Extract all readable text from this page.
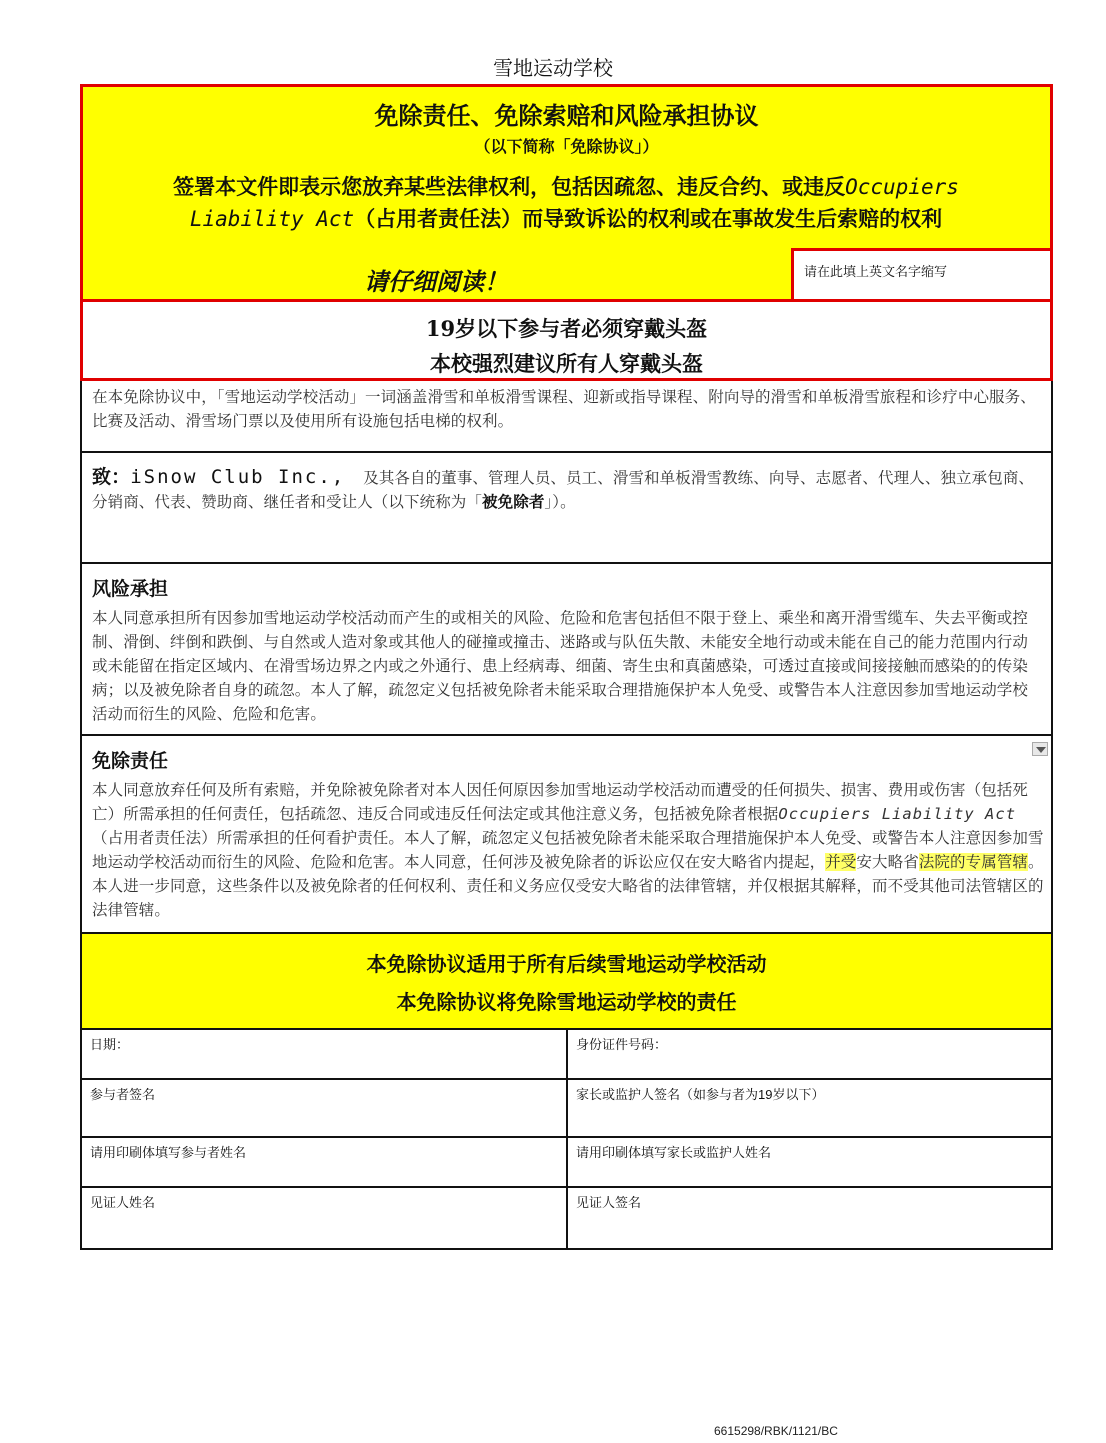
雪地运动学校
免除责任、免除索赔和风险承担协议
（以下简称「免除协议」）
签署本文件即表示您放弃某些法律权利，包括因疏忽、违反合约、或违反Occupiers
Liability Act（占用者责任法）而导致诉讼的权利或在事故发生后索赔的权利
请仔细阅读！	请在此填上英文名字缩写
19岁以下参与者必须穿戴头盔
本校强烈建议所有人穿戴头盔
在本免除协议中，「雪地运动学校活动」一词涵盖滑雪和单板滑雪课程、迎新或指导课程、附向导的滑雪和单板滑雪旅程和诊疗中心服务、比赛及活动、滑雪场门票以及使用所有设施包括电梯的权利。
致：iSnow Club Inc., 及其各自的董事、管理人员、员工、滑雪和单板滑雪教练、向导、志愿者、代理人、独立承包商、分销商、代表、赞助商、继任者和受让人（以下统称为「被免除者」）。
风险承担
本人同意承担所有因参加雪地运动学校活动而产生的或相关的风险、危险和危害包括但不限于登上、乘坐和离开滑雪缆车、失去平衡或控制、滑倒、绊倒和跌倒、与自然或人造对象或其他人的碰撞或撞击、迷路或与队伍失散、未能安全地行动或未能在自己的能力范围内行动或未能留在指定区域内、在滑雪场边界之内或之外通行、患上经病毒、细菌、寄生虫和真菌感染，可透过直接或间接接触而感染的的传染病；以及被免除者自身的疏忽。本人了解，疏忽定义包括被免除者未能采取合理措施保护本人免受、或警告本人注意因参加雪地运动学校活动而衍生的风险、危险和危害。
免除责任
本人同意放弃任何及所有索赔，并免除被免除者对本人因任何原因参加雪地运动学校活动而遭受的任何损失、损害、费用或伤害（包括死亡）所需承担的任何责任，包括疏忽、违反合同或违反任何法定或其他注意义务，包括被免除者根据Occupiers Liability Act（占用者责任法）所需承担的任何看护责任。本人了解，疏忽定义包括被免除者未能采取合理措施保护本人免受、或警告本人注意因参加雪地运动学校活动而衍生的风险、危险和危害。本人同意，任何涉及被免除者的诉讼应仅在安大略省内提起，并受安大略省法院的专属管辖。本人进一步同意，这些条件以及被免除者的任何权利、责任和义务应仅受安大略省的法律管辖，并仅根据其解释，而不受其他司法管辖区的法律管辖。
本免除协议适用于所有后续雪地运动学校活动
本免除协议将免除雪地运动学校的责任
日期：	身份证件号码：
参与者签名	家长或监护人签名（如参与者为19岁以下）
请用印刷体填写参与者姓名	请用印刷体填写家长或监护人姓名
见证人姓名	见证人签名
6615298/RBK/1121/BC
